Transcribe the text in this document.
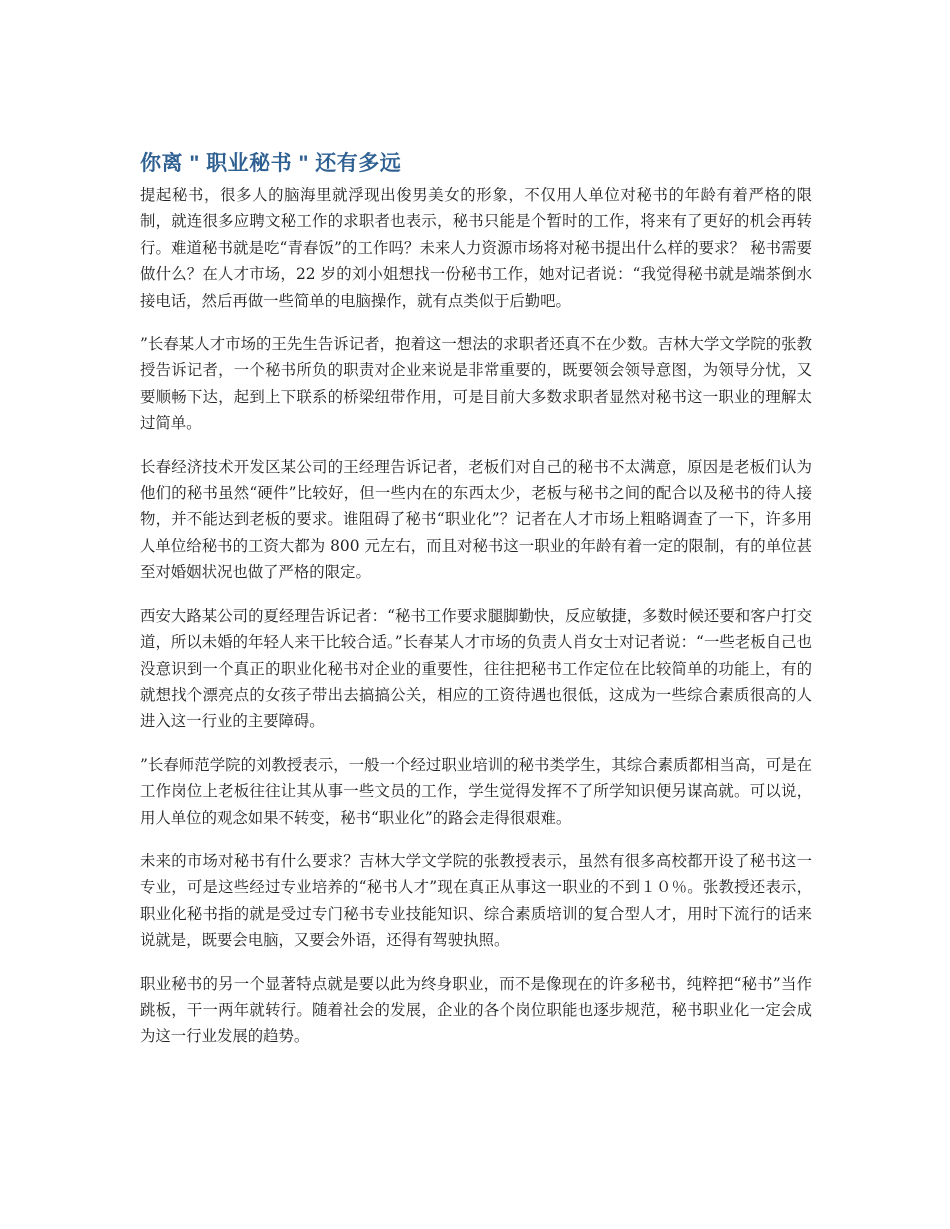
你离 " 职业秘书 " 还有多远

提起秘书，很多人的脑海里就浮现出俊男美女的形象，不仅用人单位对秘书的年龄有着严格的限制，就连很多应聘文秘工作的求职者也表示，秘书只能是个暂时的工作，将来有了更好的机会再转行。难道秘书就是吃“青春饭”的工作吗？未来人力资源市场将对秘书提出什么样的要求？ 秘书需要做什么？在人才市场，22 岁的刘小姐想找一份秘书工作，她对记者说：“我觉得秘书就是端茶倒水接电话，然后再做一些简单的电脑操作，就有点类似于后勤吧。

”长春某人才市场的王先生告诉记者，抱着这一想法的求职者还真不在少数。吉林大学文学院的张教授告诉记者，一个秘书所负的职责对企业来说是非常重要的，既要领会领导意图，为领导分忧，又要顺畅下达，起到上下联系的桥梁纽带作用，可是目前大多数求职者显然对秘书这一职业的理解太过简单。

长春经济技术开发区某公司的王经理告诉记者，老板们对自己的秘书不太满意，原因是老板们认为他们的秘书虽然“硬件”比较好，但一些内在的东西太少，老板与秘书之间的配合以及秘书的待人接物，并不能达到老板的要求。谁阻碍了秘书“职业化”？记者在人才市场上粗略调查了一下，许多用人单位给秘书的工资大都为 800 元左右，而且对秘书这一职业的年龄有着一定的限制，有的单位甚至对婚姻状况也做了严格的限定。

西安大路某公司的夏经理告诉记者：“秘书工作要求腿脚勤快，反应敏捷，多数时候还要和客户打交道，所以未婚的年轻人来干比较合适。”长春某人才市场的负责人肖女士对记者说：“一些老板自己也没意识到一个真正的职业化秘书对企业的重要性，往往把秘书工作定位在比较简单的功能上，有的就想找个漂亮点的女孩子带出去搞搞公关，相应的工资待遇也很低，这成为一些综合素质很高的人进入这一行业的主要障碍。

”长春师范学院的刘教授表示，一般一个经过职业培训的秘书类学生，其综合素质都相当高，可是在工作岗位上老板往往让其从事一些文员的工作，学生觉得发挥不了所学知识便另谋高就。可以说，用人单位的观念如果不转变，秘书“职业化”的路会走得很艰难。

未来的市场对秘书有什么要求？吉林大学文学院的张教授表示，虽然有很多高校都开设了秘书这一专业，可是这些经过专业培养的“秘书人才”现在真正从事这一职业的不到１０％。张教授还表示，职业化秘书指的就是受过专门秘书专业技能知识、综合素质培训的复合型人才，用时下流行的话来说就是，既要会电脑，又要会外语，还得有驾驶执照。

职业秘书的另一个显著特点就是要以此为终身职业，而不是像现在的许多秘书，纯粹把“秘书”当作跳板，干一两年就转行。随着社会的发展，企业的各个岗位职能也逐步规范，秘书职业化一定会成为这一行业发展的趋势。
